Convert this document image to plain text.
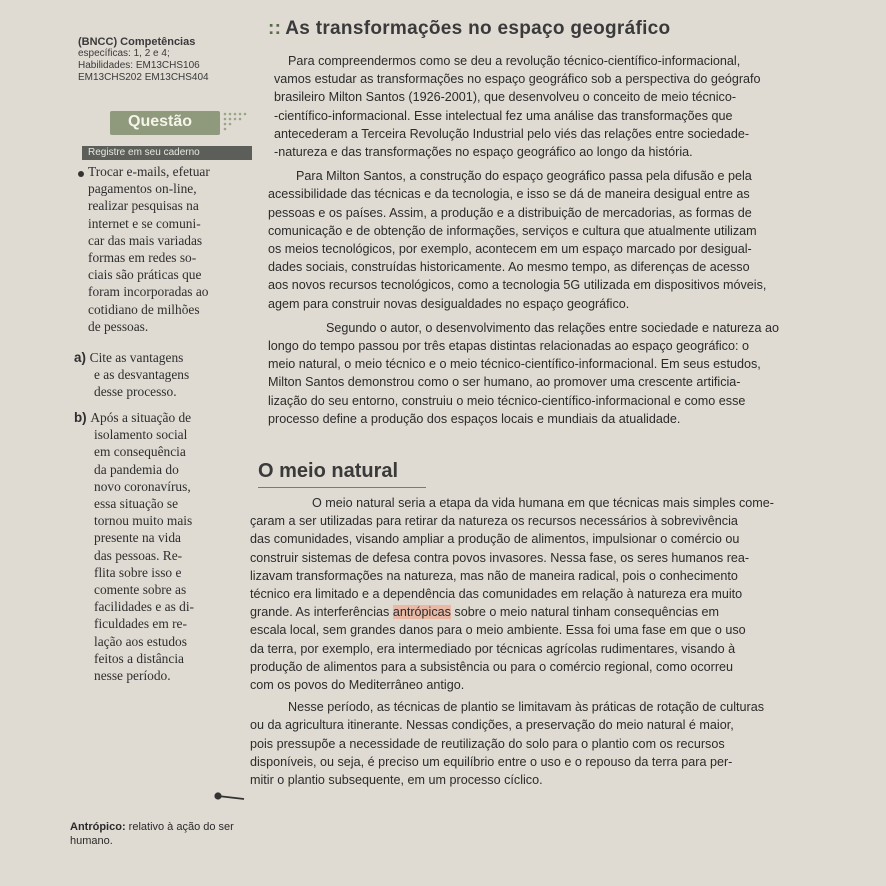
(BNCC) Competências
específicas: 1, 2 e 4;
Habilidades: EM13CHS106
EM13CHS202 EM13CHS404
Questão
Registre em seu caderno
Trocar e-mails, efetuar
pagamentos on-line,
realizar pesquisas na
internet e se comuni-
car das mais variadas
formas em redes so-
ciais são práticas que
foram incorporadas ao
cotidiano de milhões
de pessoas.
a) Cite as vantagens
e as desvantagens
desse processo.
b) Após a situação de
isolamento social
em consequência
da pandemia do
novo coronavírus,
essa situação se
tornou muito mais
presente na vida
das pessoas. Re-
flita sobre isso e
comente sobre as
facilidades e as di-
ficuldades em re-
lação aos estudos
feitos a distância
nesse período.
Antrópico: relativo à ação do ser
humano.
:: As transformações no espaço geográfico
Para compreendermos como se deu a revolução técnico-científico-informacional,
vamos estudar as transformações no espaço geográfico sob a perspectiva do geógrafo
brasileiro Milton Santos (1926-2001), que desenvolveu o conceito de meio técnico-
-científico-informacional. Esse intelectual fez uma análise das transformações que
antecederam a Terceira Revolução Industrial pelo viés das relações entre sociedade-
-natureza e das transformações no espaço geográfico ao longo da história.
Para Milton Santos, a construção do espaço geográfico passa pela difusão e pela
acessibilidade das técnicas e da tecnologia, e isso se dá de maneira desigual entre as
pessoas e os países. Assim, a produção e a distribuição de mercadorias, as formas de
comunicação e de obtenção de informações, serviços e cultura que atualmente utilizam
os meios tecnológicos, por exemplo, acontecem em um espaço marcado por desigual-
dades sociais, construídas historicamente. Ao mesmo tempo, as diferenças de acesso
aos novos recursos tecnológicos, como a tecnologia 5G utilizada em dispositivos móveis,
agem para construir novas desigualdades no espaço geográfico.
Segundo o autor, o desenvolvimento das relações entre sociedade e natureza ao
longo do tempo passou por três etapas distintas relacionadas ao espaço geográfico: o
meio natural, o meio técnico e o meio técnico-científico-informacional. Em seus estudos,
Milton Santos demonstrou como o ser humano, ao promover uma crescente artificia-
lização do seu entorno, construiu o meio técnico-científico-informacional e como esse
processo define a produção dos espaços locais e mundiais da atualidade.
O meio natural
O meio natural seria a etapa da vida humana em que técnicas mais simples come-
çaram a ser utilizadas para retirar da natureza os recursos necessários à sobrevivência
das comunidades, visando ampliar a produção de alimentos, impulsionar o comércio ou
construir sistemas de defesa contra povos invasores. Nessa fase, os seres humanos rea-
lizavam transformações na natureza, mas não de maneira radical, pois o conhecimento
técnico era limitado e a dependência das comunidades em relação à natureza era muito
grande. As interferências antrópicas sobre o meio natural tinham consequências em
escala local, sem grandes danos para o meio ambiente. Essa foi uma fase em que o uso
da terra, por exemplo, era intermediado por técnicas agrícolas rudimentares, visando à
produção de alimentos para a subsistência ou para o comércio regional, como ocorreu
com os povos do Mediterrâneo antigo.
Nesse período, as técnicas de plantio se limitavam às práticas de rotação de culturas
ou da agricultura itinerante. Nessas condições, a preservação do meio natural é maior,
pois pressupõe a necessidade de reutilização do solo para o plantio com os recursos
disponíveis, ou seja, é preciso um equilíbrio entre o uso e o repouso da terra para per-
mitir o plantio subsequente, em um processo cíclico.
